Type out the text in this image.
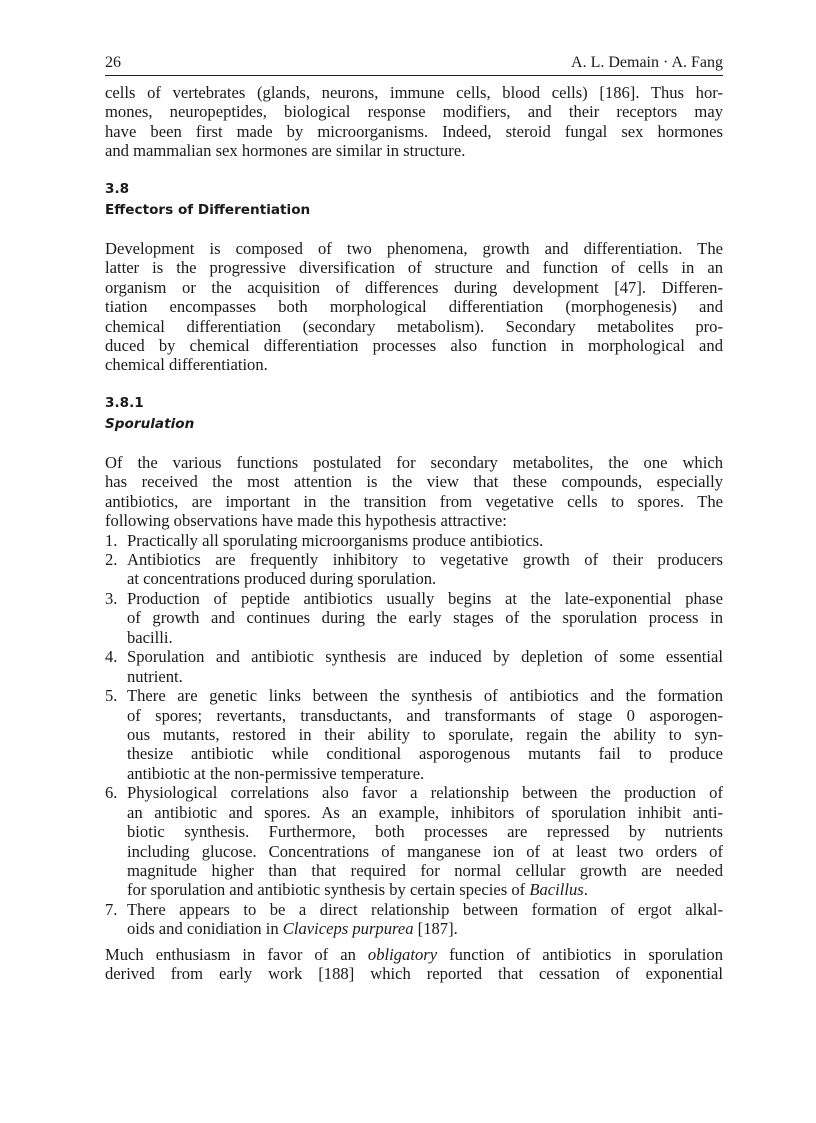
26	A. L. Demain · A. Fang
cells of vertebrates (glands, neurons, immune cells, blood cells) [186]. Thus hor-
mones, neuropeptides, biological response modifiers, and their receptors may
have been first made by microorganisms. Indeed, steroid fungal sex hormones
and mammalian sex hormones are similar in structure.
3.8
Effectors of Differentiation
Development is composed of two phenomena, growth and differentiation. The
latter is the progressive diversification of structure and function of cells in an
organism or the acquisition of differences during development [47]. Differen-
tiation encompasses both morphological differentiation (morphogenesis) and
chemical differentiation (secondary metabolism). Secondary metabolites pro-
duced by chemical differentiation processes also function in morphological and
chemical differentiation.
3.8.1
Sporulation
Of the various functions postulated for secondary metabolites, the one which
has received the most attention is the view that these compounds, especially
antibiotics, are important in the transition from vegetative cells to spores. The
following observations have made this hypothesis attractive:
1. Practically all sporulating microorganisms produce antibiotics.
2. Antibiotics are frequently inhibitory to vegetative growth of their producers
at concentrations produced during sporulation.
3. Production of peptide antibiotics usually begins at the late-exponential phase
of growth and continues during the early stages of the sporulation process in
bacilli.
4. Sporulation and antibiotic synthesis are induced by depletion of some essential
nutrient.
5. There are genetic links between the synthesis of antibiotics and the formation
of spores; revertants, transductants, and transformants of stage 0 asporogen-
ous mutants, restored in their ability to sporulate, regain the ability to syn-
thesize antibiotic while conditional asporogenous mutants fail to produce
antibiotic at the non-permissive temperature.
6. Physiological correlations also favor a relationship between the production of
an antibiotic and spores. As an example, inhibitors of sporulation inhibit anti-
biotic synthesis. Furthermore, both processes are repressed by nutrients
including glucose. Concentrations of manganese ion of at least two orders of
magnitude higher than that required for normal cellular growth are needed
for sporulation and antibiotic synthesis by certain species of Bacillus.
7. There appears to be a direct relationship between formation of ergot alkal-
oids and conidiation in Claviceps purpurea [187].
Much enthusiasm in favor of an obligatory function of antibiotics in sporulation
derived from early work [188] which reported that cessation of exponential
